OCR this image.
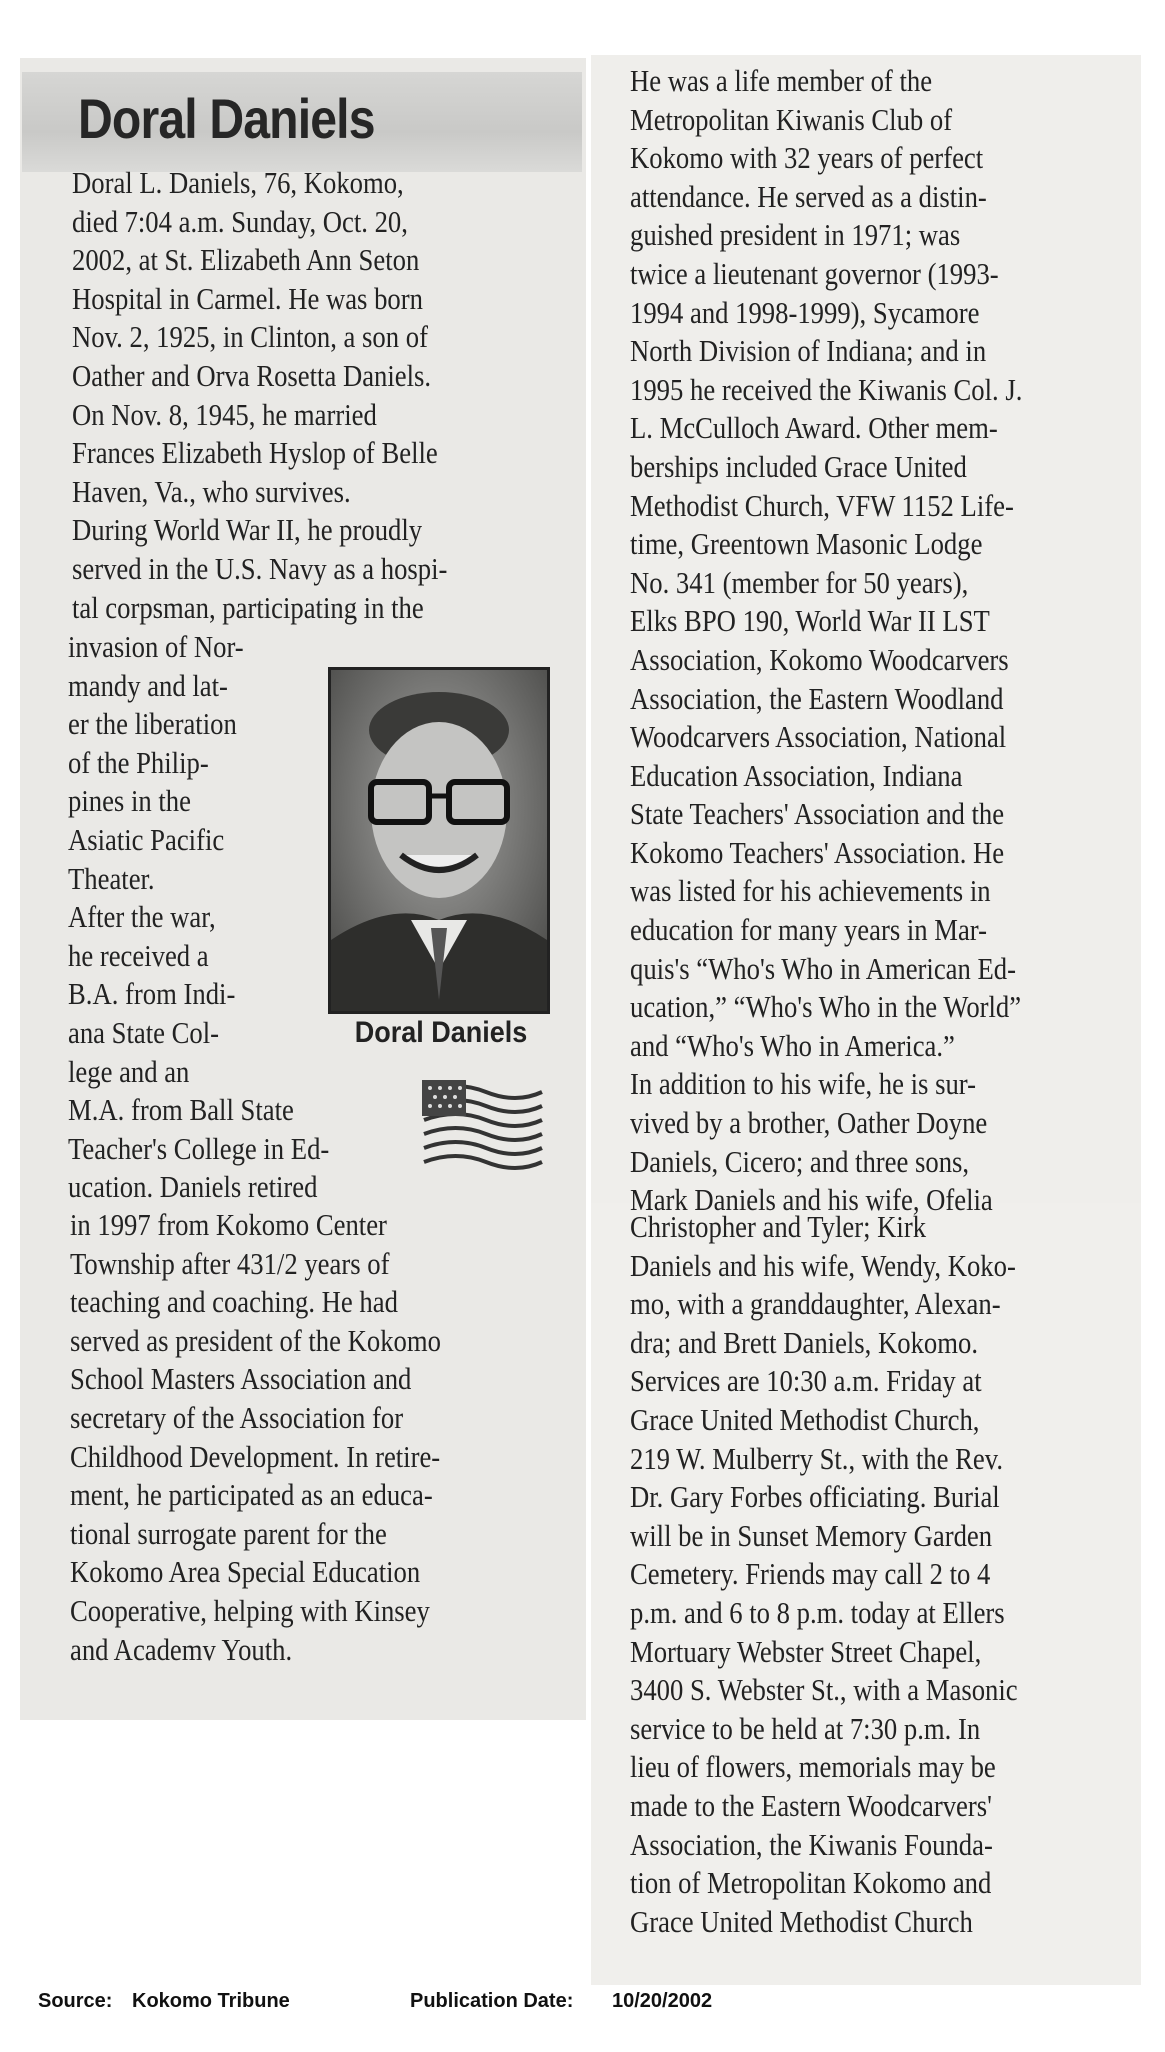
Doral Daniels
Doral L. Daniels, 76, Kokomo,
died 7:04 a.m. Sunday, Oct. 20,
2002, at St. Elizabeth Ann Seton
Hospital in Carmel. He was born
Nov. 2, 1925, in Clinton, a son of
Oather and Orva Rosetta Daniels.
On Nov. 8, 1945, he married
Frances Elizabeth Hyslop of Belle
Haven, Va., who survives.
During World War II, he proudly
served in the U.S. Navy as a hospi-
tal corpsman, participating in the
invasion of Nor-
mandy and lat-
er the liberation
of the Philip-
pines in the
Asiatic Pacific
Theater.
After the war,
he received a
B.A. from Indi-
ana State Col-
lege and an
M.A. from Ball State
Teacher's College in Ed-
ucation. Daniels retired
in 1997 from Kokomo Center
Township after 431/2 years of
teaching and coaching. He had
served as president of the Kokomo
School Masters Association and
secretary of the Association for
Childhood Development. In retire-
ment, he participated as an educa-
tional surrogate parent for the
Kokomo Area Special Education
Cooperative, helping with Kinsey
and Academv Youth.
He was a life member of the
Metropolitan Kiwanis Club of
Kokomo with 32 years of perfect
attendance. He served as a distin-
guished president in 1971; was
twice a lieutenant governor (1993-
1994 and 1998-1999), Sycamore
North Division of Indiana; and in
1995 he received the Kiwanis Col. J.
L. McCulloch Award. Other mem-
berships included Grace United
Methodist Church, VFW 1152 Life-
time, Greentown Masonic Lodge
No. 341 (member for 50 years),
Elks BPO 190, World War II LST
Association, Kokomo Woodcarvers
Association, the Eastern Woodland
Woodcarvers Association, National
Education Association, Indiana
State Teachers' Association and the
Kokomo Teachers' Association. He
was listed for his achievements in
education for many years in Mar-
quis's “Who's Who in American Ed-
ucation,” “Who's Who in the World”
and “Who's Who in America.”
In addition to his wife, he is sur-
vived by a brother, Oather Doyne
Daniels, Cicero; and three sons,
Mark Daniels and his wife, Ofelia
Christopher and Tyler; Kirk
Daniels and his wife, Wendy, Koko-
mo, with a granddaughter, Alexan-
dra; and Brett Daniels, Kokomo.
Services are 10:30 a.m. Friday at
Grace United Methodist Church,
219 W. Mulberry St., with the Rev.
Dr. Gary Forbes officiating. Burial
will be in Sunset Memory Garden
Cemetery. Friends may call 2 to 4
p.m. and 6 to 8 p.m. today at Ellers
Mortuary Webster Street Chapel,
3400 S. Webster St., with a Masonic
service to be held at 7:30 p.m. In
lieu of flowers, memorials may be
made to the Eastern Woodcarvers'
Association, the Kiwanis Founda-
tion of Metropolitan Kokomo and
Grace United Methodist Church
Doral Daniels
Source: Kokomo Tribune	Publication Date: 10/20/2002
